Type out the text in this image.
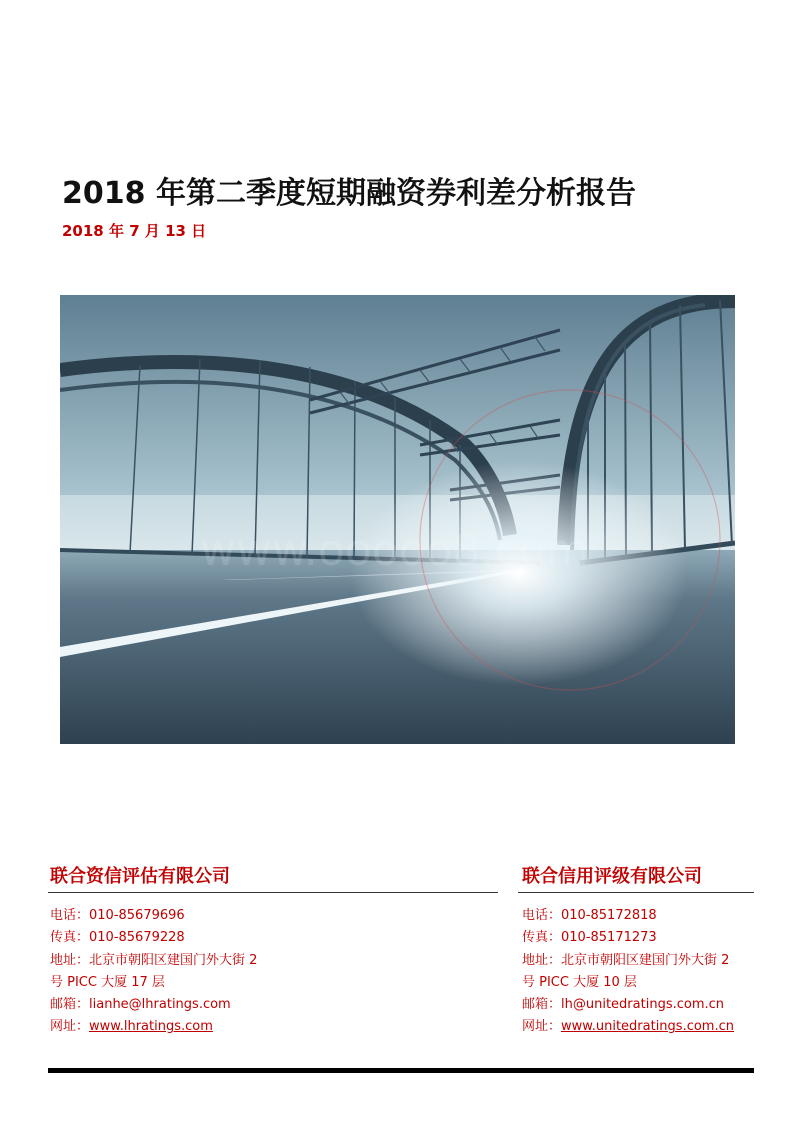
2018 年第二季度短期融资券利差分析报告
2018 年 7 月 13 日
www.ooooo8.com
联合资信评估有限公司
电话：010-85679696
传真：010-85679228
地址：北京市朝阳区建国门外大街 2
号 PICC 大厦 17 层
邮箱：lianhe@lhratings.com
网址：www.lhratings.com
联合信用评级有限公司
电话：010-85172818
传真：010-85171273
地址：北京市朝阳区建国门外大街 2
号 PICC 大厦 10 层
邮箱：lh@unitedratings.com.cn
网址：www.unitedratings.com.cn
